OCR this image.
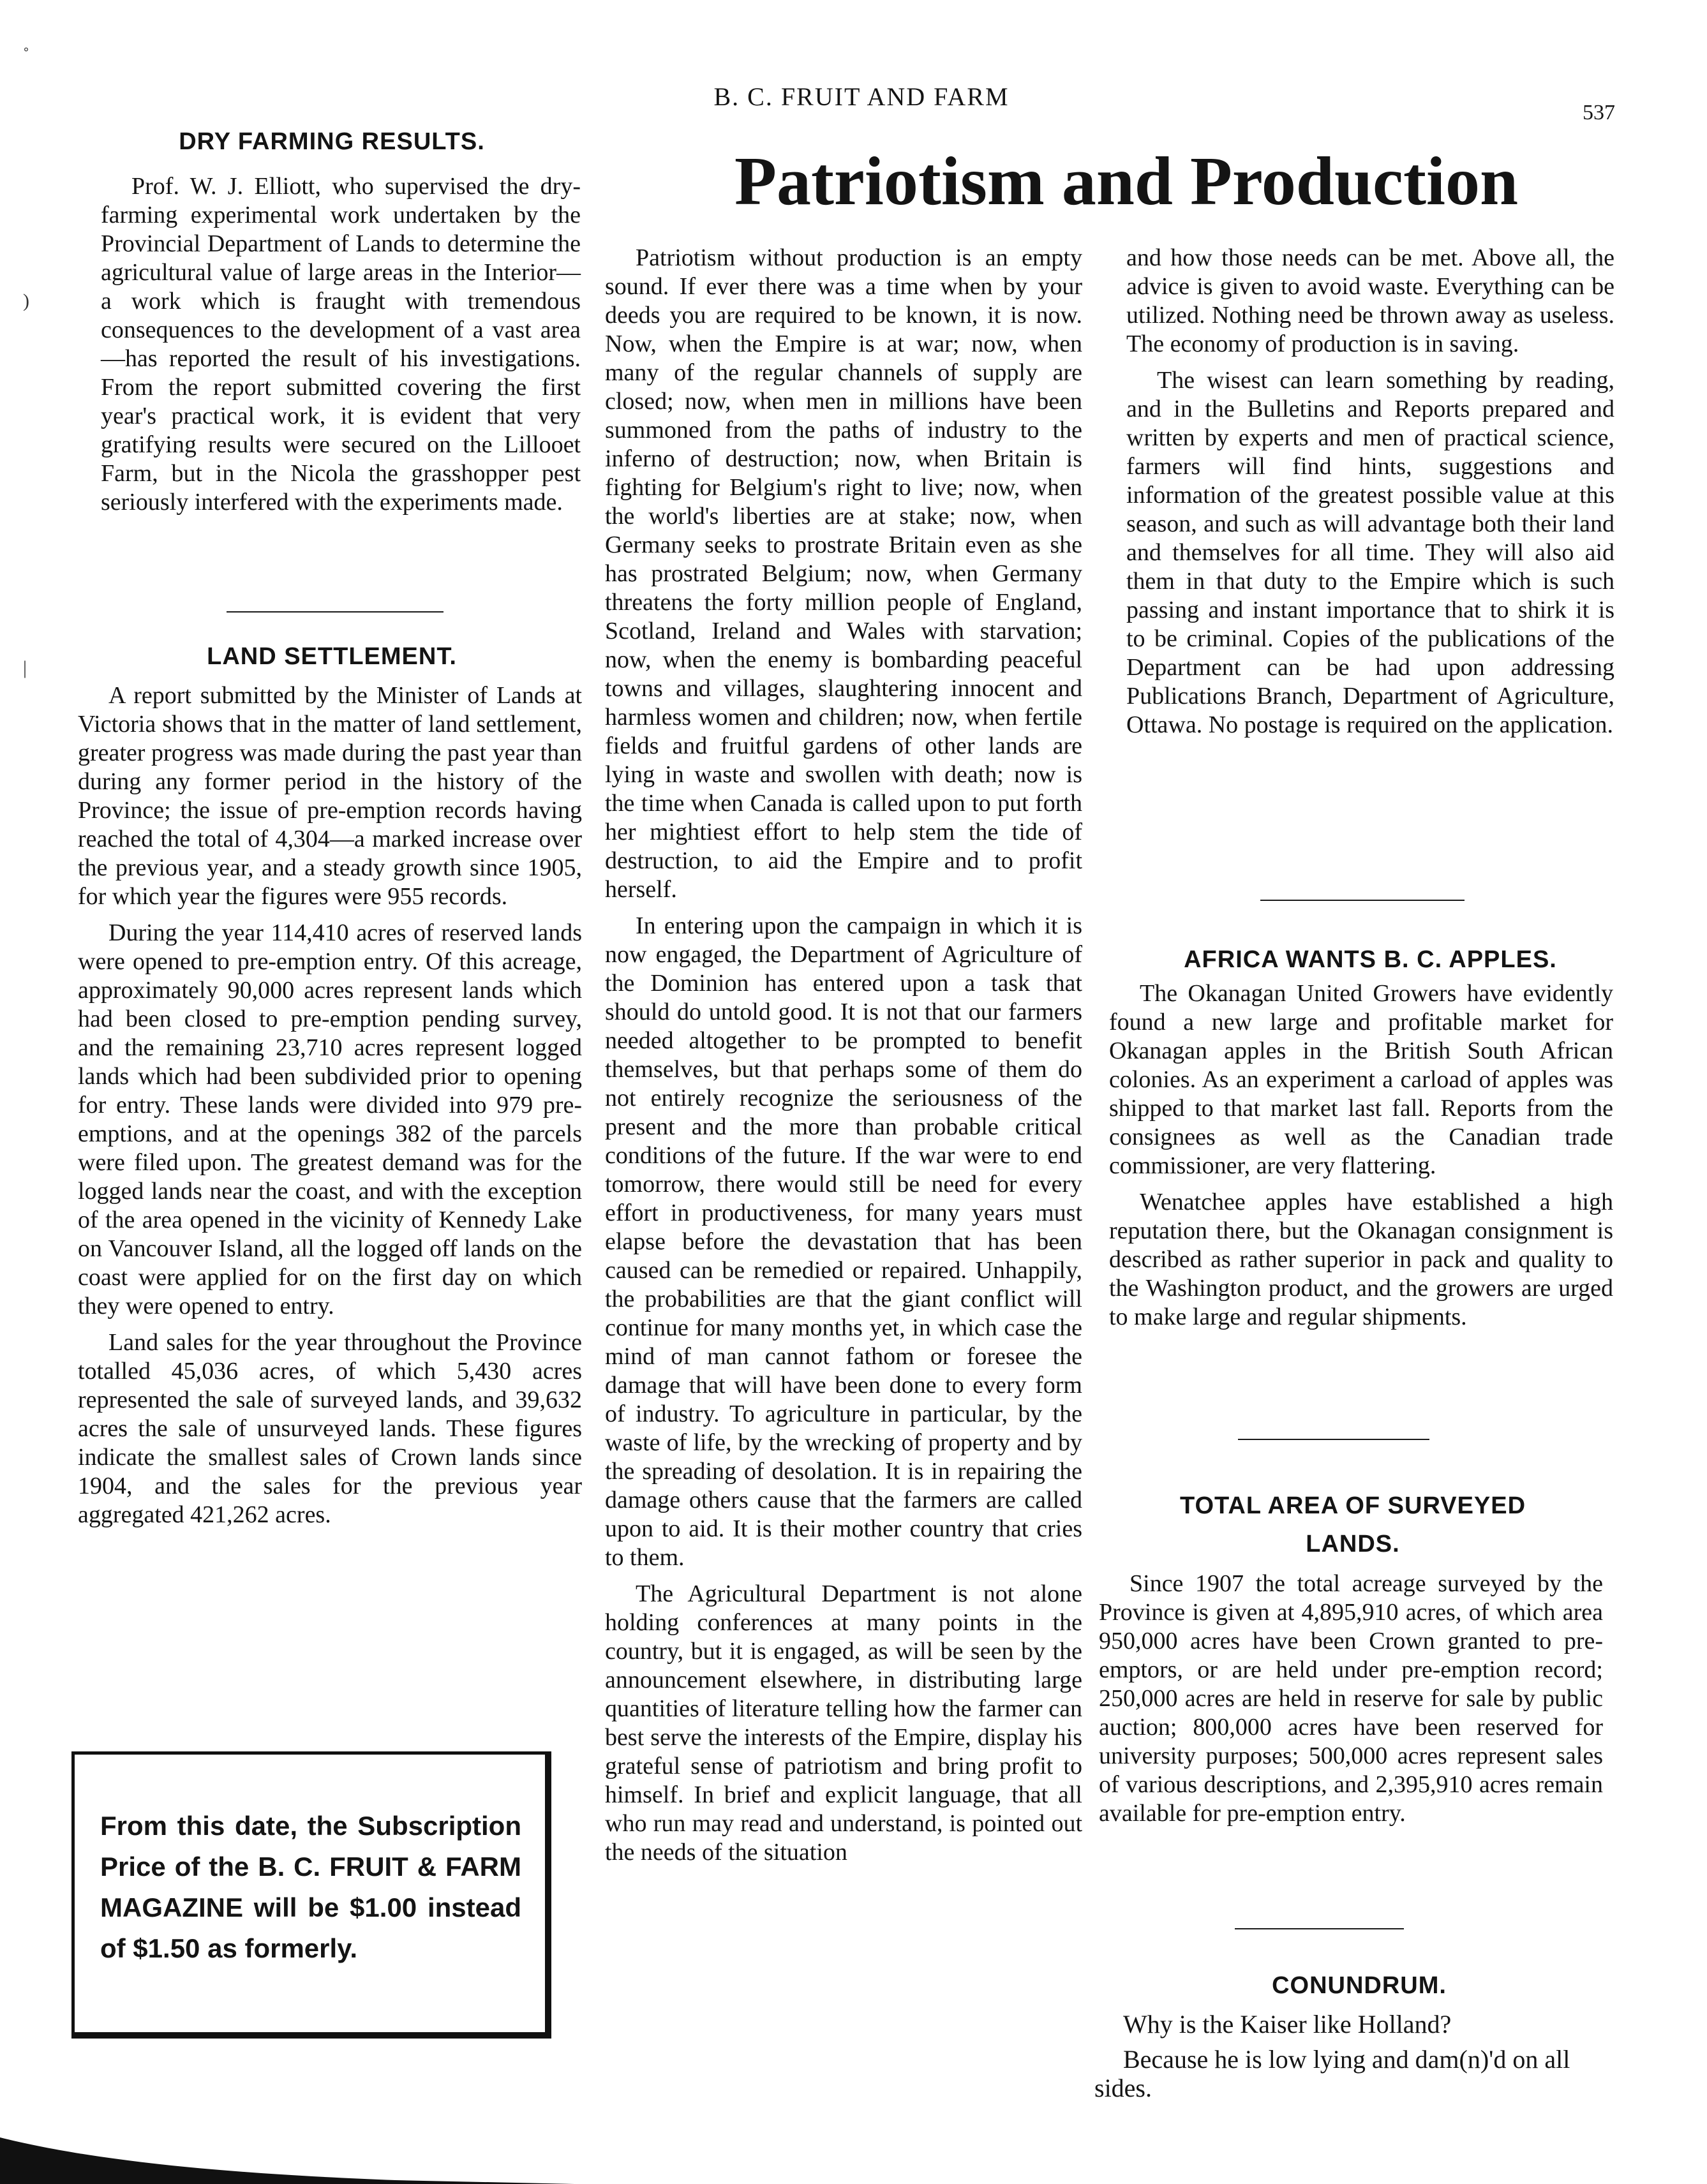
B. C. FRUIT AND FARM
537
˚
)
|
DRY FARMING RESULTS.

Prof. W. J. Elliott, who supervised the dry-farming experimental work undertaken by the Provincial Department of Lands to determine the agricultural value of large areas in the Interior—a work which is fraught with tremendous consequences to the development of a vast area—has reported the result of his investigations. From the report submitted covering the first year's practical work, it is evident that very gratifying results were secured on the Lillooet Farm, but in the Nicola the grasshopper pest seriously interfered with the experiments made.

LAND SETTLEMENT.

A report submitted by the Minister of Lands at Victoria shows that in the matter of land settlement, greater progress was made during the past year than during any former period in the history of the Province; the issue of pre-emption records having reached the total of 4,304—a marked increase over the previous year, and a steady growth since 1905, for which year the figures were 955 records.

During the year 114,410 acres of reserved lands were opened to pre-emption entry. Of this acreage, approximately 90,000 acres represent lands which had been closed to pre-emption pending survey, and the remaining 23,710 acres represent logged lands which had been subdivided prior to opening for entry. These lands were divided into 979 pre-emptions, and at the openings 382 of the parcels were filed upon. The greatest demand was for the logged lands near the coast, and with the exception of the area opened in the vicinity of Kennedy Lake on Vancouver Island, all the logged off lands on the coast were applied for on the first day on which they were opened to entry.

Land sales for the year throughout the Province totalled 45,036 acres, of which 5,430 acres represented the sale of surveyed lands, and 39,632 acres the sale of unsurveyed lands. These figures indicate the smallest sales of Crown lands since 1904, and the sales for the previous year aggregated 421,262 acres.

From this date, the Subscription Price of the B. C. FRUIT & FARM MAGAZINE will be $1.00 instead of $1.50 as formerly.
Patriotism and Production

Patriotism without production is an empty sound. If ever there was a time when by your deeds you are required to be known, it is now. Now, when the Empire is at war; now, when many of the regular channels of supply are closed; now, when men in millions have been summoned from the paths of industry to the inferno of destruction; now, when Britain is fighting for Belgium's right to live; now, when the world's liberties are at stake; now, when Germany seeks to prostrate Britain even as she has prostrated Belgium; now, when Germany threatens the forty million people of England, Scotland, Ireland and Wales with starvation; now, when the enemy is bombarding peaceful towns and villages, slaughtering innocent and harmless women and children; now, when fertile fields and fruitful gardens of other lands are lying in waste and swollen with death; now is the time when Canada is called upon to put forth her mightiest effort to help stem the tide of destruction, to aid the Empire and to profit herself.

In entering upon the campaign in which it is now engaged, the Department of Agriculture of the Dominion has entered upon a task that should do untold good. It is not that our farmers needed altogether to be prompted to benefit themselves, but that perhaps some of them do not entirely recognize the seriousness of the present and the more than probable critical conditions of the future. If the war were to end tomorrow, there would still be need for every effort in productiveness, for many years must elapse before the devastation that has been caused can be remedied or repaired. Unhappily, the probabilities are that the giant conflict will continue for many months yet, in which case the mind of man cannot fathom or foresee the damage that will have been done to every form of industry. To agriculture in particular, by the waste of life, by the wrecking of property and by the spreading of desolation. It is in repairing the damage others cause that the farmers are called upon to aid. It is their mother country that cries to them.

The Agricultural Department is not alone holding conferences at many points in the country, but it is engaged, as will be seen by the announcement elsewhere, in distributing large quantities of literature telling how the farmer can best serve the interests of the Empire, display his grateful sense of patriotism and bring profit to himself. In brief and explicit language, that all who run may read and understand, is pointed out the needs of the situation

and how those needs can be met. Above all, the advice is given to avoid waste. Everything can be utilized. Nothing need be thrown away as useless. The economy of production is in saving.

The wisest can learn something by reading, and in the Bulletins and Reports prepared and written by experts and men of practical science, farmers will find hints, suggestions and information of the greatest possible value at this season, and such as will advantage both their land and themselves for all time. They will also aid them in that duty to the Empire which is such passing and instant importance that to shirk it is to be criminal. Copies of the publications of the Department can be had upon addressing Publications Branch, Department of Agriculture, Ottawa. No postage is required on the application.

AFRICA WANTS B. C. APPLES.

The Okanagan United Growers have evidently found a new large and profitable market for Okanagan apples in the British South African colonies. As an experiment a carload of apples was shipped to that market last fall. Reports from the consignees as well as the Canadian trade commissioner, are very flattering.

Wenatchee apples have established a high reputation there, but the Okanagan consignment is described as rather superior in pack and quality to the Washington product, and the growers are urged to make large and regular shipments.

TOTAL AREA OF SURVEYED LANDS.

Since 1907 the total acreage surveyed by the Province is given at 4,895,910 acres, of which area 950,000 acres have been Crown granted to pre-emptors, or are held under pre-emption record; 250,000 acres are held in reserve for sale by public auction; 800,000 acres have been reserved for university purposes; 500,000 acres represent sales of various descriptions, and 2,395,910 acres remain available for pre-emption entry.

CONUNDRUM.

Why is the Kaiser like Holland?

Because he is low lying and dam(n)'d on all sides.
